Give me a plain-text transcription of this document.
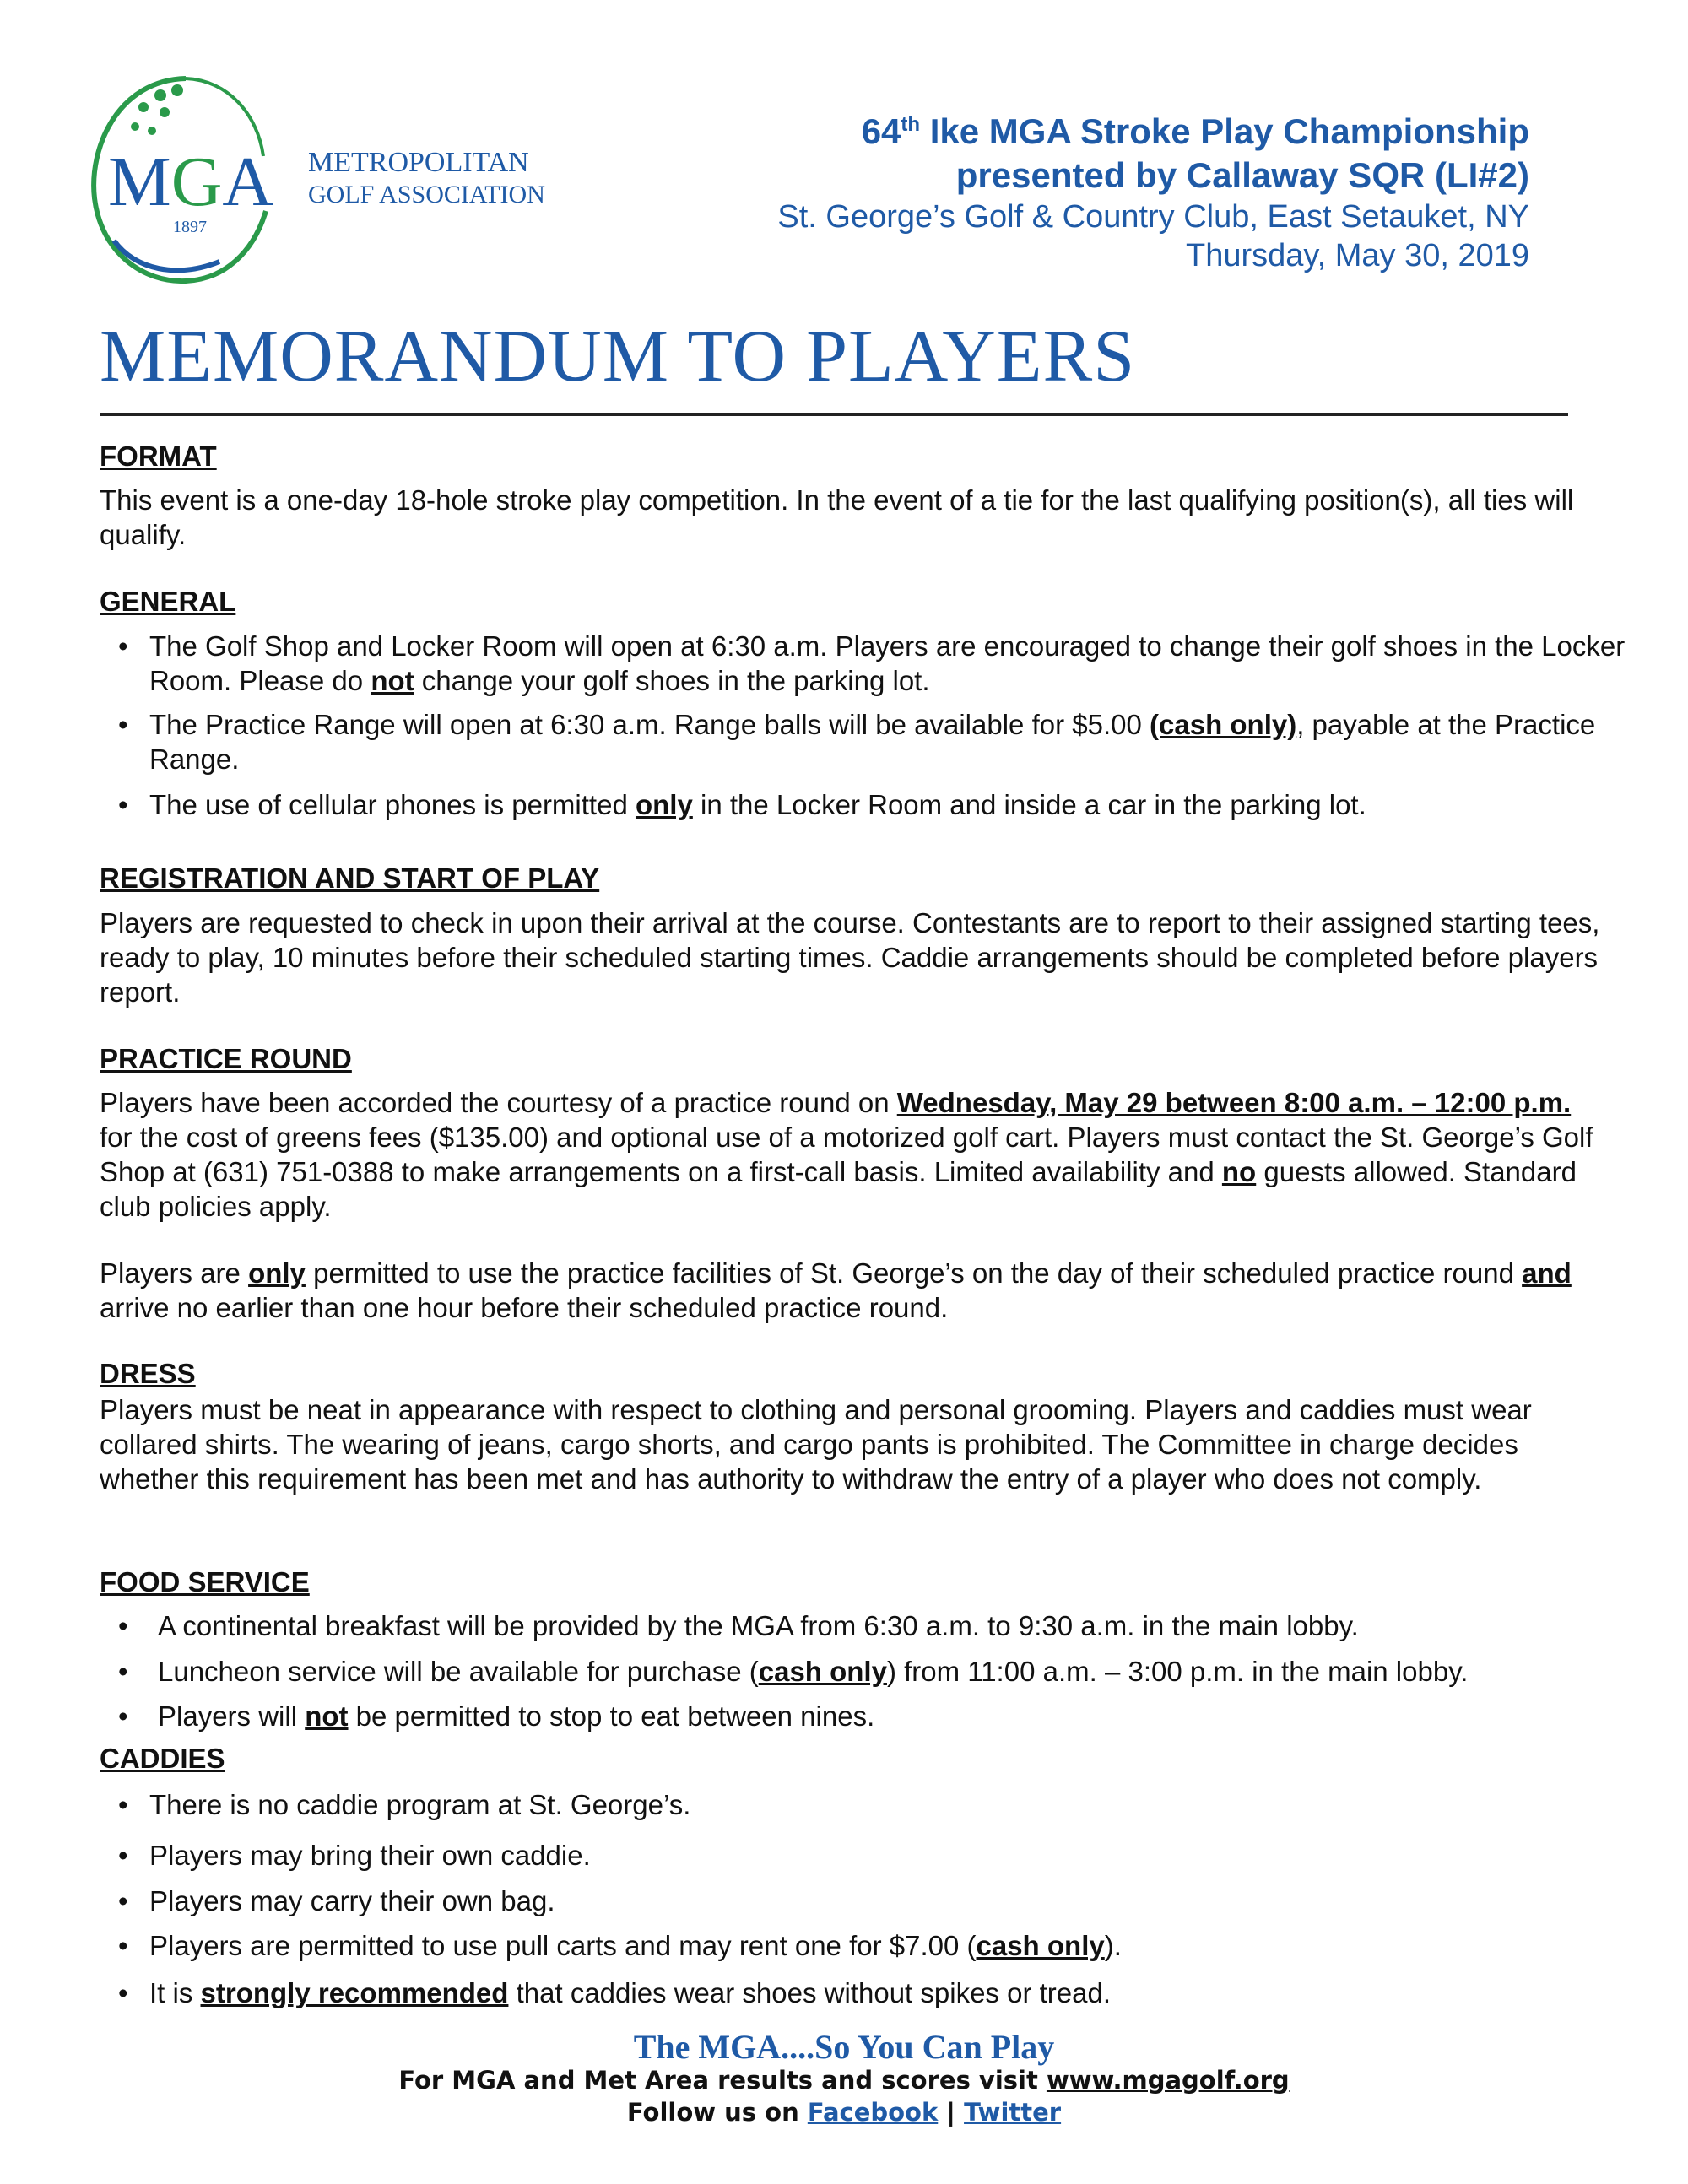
MGA
1897
METROPOLITAN
GOLF ASSOCIATION
64th Ike MGA Stroke Play Championship
presented by Callaway SQR (LI#2)
St. George’s Golf & Country Club, East Setauket, NY
Thursday, May 30, 2019
MEMORANDUM TO PLAYERS
FORMAT
This event is a one-day 18-hole stroke play competition. In the event of a tie for the last qualifying position(s), all ties will qualify.
GENERAL
• The Golf Shop and Locker Room will open at 6:30 a.m. Players are encouraged to change their golf shoes in the Locker Room. Please do not change your golf shoes in the parking lot.
• The Practice Range will open at 6:30 a.m. Range balls will be available for $5.00 (cash only), payable at the Practice Range.
• The use of cellular phones is permitted only in the Locker Room and inside a car in the parking lot.
REGISTRATION AND START OF PLAY
Players are requested to check in upon their arrival at the course. Contestants are to report to their assigned starting tees, ready to play, 10 minutes before their scheduled starting times. Caddie arrangements should be completed before players report.
PRACTICE ROUND
Players have been accorded the courtesy of a practice round on Wednesday, May 29 between 8:00 a.m. – 12:00 p.m. for the cost of greens fees ($135.00) and optional use of a motorized golf cart. Players must contact the St. George’s Golf Shop at (631) 751-0388 to make arrangements on a first-call basis. Limited availability and no guests allowed. Standard club policies apply.
Players are only permitted to use the practice facilities of St. George’s on the day of their scheduled practice round and arrive no earlier than one hour before their scheduled practice round.
DRESS
Players must be neat in appearance with respect to clothing and personal grooming. Players and caddies must wear collared shirts. The wearing of jeans, cargo shorts, and cargo pants is prohibited. The Committee in charge decides whether this requirement has been met and has authority to withdraw the entry of a player who does not comply.
FOOD SERVICE
• A continental breakfast will be provided by the MGA from 6:30 a.m. to 9:30 a.m. in the main lobby.
• Luncheon service will be available for purchase (cash only) from 11:00 a.m. – 3:00 p.m. in the main lobby.
• Players will not be permitted to stop to eat between nines.
CADDIES
• There is no caddie program at St. George’s.
• Players may bring their own caddie.
• Players may carry their own bag.
• Players are permitted to use pull carts and may rent one for $7.00 (cash only).
• It is strongly recommended that caddies wear shoes without spikes or tread.
The MGA....So You Can Play
For MGA and Met Area results and scores visit www.mgagolf.org
Follow us on Facebook | Twitter
